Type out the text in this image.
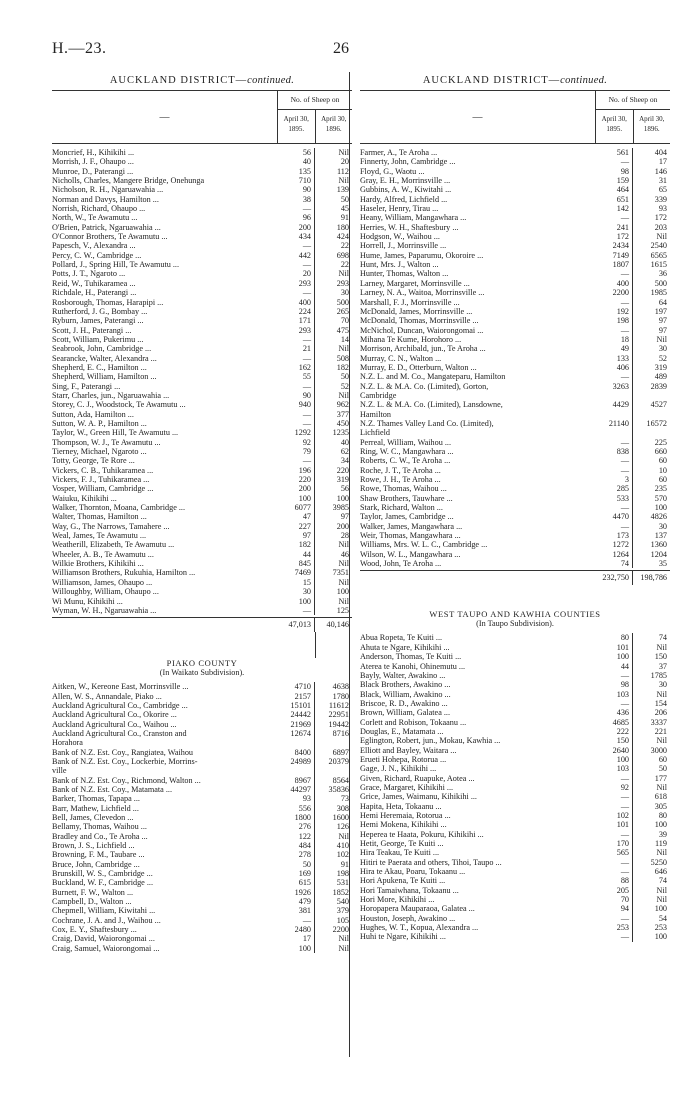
H.—23.	26
AUCKLAND DISTRICT—continued.
—
No. of Sheep on
April 30, 1895.
April 30, 1896.
Moncrief, H., Kihikihi ...	56	Nil
Morrish, J. F., Ohaupo ...	40	20
Munroe, D., Paterangi ...	135	112
Nicholls, Charles, Mangere Bridge, Onehunga	710	Nil
Nicholson, R. H., Ngaruawahia ...	90	139
Norman and Davys, Hamilton ...	38	50
Norrish, Richard, Ohaupo ...	—	45
North, W., Te Awamutu ...	96	91
O'Brien, Patrick, Ngaruawahia ...	200	180
O'Connor Brothers, Te Awamutu ...	434	424
Papesch, V., Alexandra ...	—	22
Percy, C. W., Cambridge ...	442	698
Pollard, J., Spring Hill, Te Awamutu ...	—	22
Potts, J. T., Ngaroto ...	20	Nil
Reid, W., Tuhikaramea ...	293	293
Richdale, H., Paterangi ...	—	30
Rosborough, Thomas, Harapipi ...	400	500
Rutherford, J. G., Bombay ...	224	265
Ryburn, James, Paterangi ...	171	70
Scott, J. H., Paterangi ...	293	475
Scott, William, Pukerimu ...	—	14
Seabrook, John, Cambridge ...	21	Nil
Searancke, Walter, Alexandra ...	—	508
Shepherd, E. C., Hamilton ...	162	182
Shepherd, William, Hamilton ...	55	50
Sing, F., Paterangi ...	—	52
Starr, Charles, jun., Ngaruawahia ...	90	Nil
Storey, C. J., Woodstock, Te Awamutu ...	940	962
Sutton, Ada, Hamilton ...	—	377
Sutton, W. A. P., Hamilton ...	—	450
Taylor, W., Green Hill, Te Awamutu ...	1292	1235
Thompson, W. J., Te Awamutu ...	92	40
Tierney, Michael, Ngaroto ...	79	62
Totty, George, Te Rore ...	—	34
Vickers, C. B., Tuhikaramea ...	196	220
Vickers, F. J., Tuhikaramea ...	220	319
Vosper, William, Cambridge ...	200	56
Waiuku, Kihikihi ...	100	100
Walker, Thornton, Moana, Cambridge ...	6077	3985
Walter, Thomas, Hamilton ...	47	97
Way, G., The Narrows, Tamahere ...	227	200
Weal, James, Te Awamutu ...	97	28
Weatherill, Elizabeth, Te Awamutu ...	182	Nil
Wheeler, A. B., Te Awamutu ...	44	46
Wilkie Brothers, Kihikihi ...	845	Nil
Williamson Brothers, Rukuhia, Hamilton ...	7469	7351
Williamson, James, Ohaupo ...	15	Nil
Willoughby, William, Ohaupo ...	30	100
Wi Munu, Kihikihi ...	100	Nil
Wyman, W. H., Ngaruawahia ...	—	125
47,013	40,146
PIAKO COUNTY
(In Waikato Subdivision).
Aitken, W., Kereone East, Morrinsville ...	4710	4638
Allen, W. S., Annandale, Piako ...	2157	1780
Auckland Agricultural Co., Cambridge ...	15101	11612
Auckland Agricultural Co., Okorire ...	24442	22951
Auckland Agricultural Co., Waihou ...	21969	19442
Auckland Agricultural Co., Cranston and	12674	8716
Horahora
Bank of N.Z. Est. Coy., Rangiatea, Waihou	8400	6897
Bank of N.Z. Est. Coy., Lockerbie, Morrins-	24989	20379
ville
Bank of N.Z. Est. Coy., Richmond, Walton ...	8967	8564
Bank of N.Z. Est. Coy., Matamata ...	44297	35836
Barker, Thomas, Tapapa ...	93	73
Barr, Mathew, Lichfield ...	556	308
Bell, James, Clevedon ...	1800	1600
Bellamy, Thomas, Waihou ...	276	126
Bradley and Co., Te Aroha ...	122	Nil
Brown, J. S., Lichfield ...	484	410
Browning, F. M., Taubare ...	278	102
Bruce, John, Cambridge ...	50	91
Brunskill, W. S., Cambridge ...	169	198
Buckland, W. F., Cambridge ...	615	531
Burnett, F. W., Walton ...	1926	1852
Campbell, D., Walton ...	479	540
Chepmell, William, Kiwitahi ...	381	379
Cochrane, J. A. and J., Waihou ...	—	105
Cox, E. Y., Shaftesbury ...	2480	2200
Craig, David, Waiorongomai ...	17	Nil
Craig, Samuel, Waiorongomai ...	100	Nil
AUCKLAND DISTRICT—continued.
—
No. of Sheep on
April 30, 1895.
April 30, 1896.
Farmer, A., Te Aroha ...	561	404
Finnerty, John, Cambridge ...	—	17
Floyd, G., Waotu ...	98	146
Gray, E. H., Morrinsville ...	159	31
Gubbins, A. W., Kiwitahi ...	464	65
Hardy, Alfred, Lichfield ...	651	339
Haseler, Henry, Tirau ...	142	93
Heany, William, Mangawhara ...	—	172
Herries, W. H., Shaftesbury ...	241	203
Hodgson, W., Waihou ...	172	Nil
Horrell, J., Morrinsville ...	2434	2540
Hume, James, Paparumu, Okoroire ...	7149	6565
Hunt, Mrs. J., Walton ...	1807	1615
Hunter, Thomas, Walton ...	—	36
Larney, Margaret, Morrinsville ...	400	500
Larney, N. A., Waitoa, Morrinsville ...	2200	1985
Marshall, F. J., Morrinsville ...	—	64
McDonald, James, Morrinsville ...	192	197
McDonald, Thomas, Morrinsville ...	198	97
McNichol, Duncan, Waiorongomai ...	—	97
Mihana Te Kume, Horohoro ...	18	Nil
Morrison, Archibald, jun., Te Aroha ...	49	30
Murray, C. N., Walton ...	133	52
Murray, E. D., Otterburn, Walton ...	406	319
N.Z. L. and M. Co., Mangateparu, Hamilton	—	489
N.Z. L. & M.A. Co. (Limited), Gorton,	3263	2839
Cambridge
N.Z. L. & M.A. Co. (Limited), Lansdowne,	4429	4527
Hamilton
N.Z. Thames Valley Land Co. (Limited),	21140	16572
Lichfield
Perreal, William, Waihou ...	—	225
Ring, W. C., Mangawhara ...	838	660
Roberts, C. W., Te Aroha ...	—	60
Roche, J. T., Te Aroha ...	—	10
Rowe, J. H., Te Aroha ...	3	60
Rowe, Thomas, Waihou ...	285	235
Shaw Brothers, Tauwhare ...	533	570
Stark, Richard, Walton ...	—	100
Taylor, James, Cambridge ...	4470	4826
Walker, James, Mangawhara ...	—	30
Weir, Thomas, Mangawhara ...	173	137
Williams, Mrs. W. L. C., Cambridge ...	1272	1360
Wilson, W. L., Mangawhara ...	1264	1204
Wood, John, Te Aroha ...	74	35
232,750	198,786
WEST TAUPO AND KAWHIA COUNTIES
(In Taupo Subdivision).
Abua Ropeta, Te Kuiti ...	80	74
Ahuta te Ngare, Kihikihi ...	101	Nil
Anderson, Thomas, Te Kuiti ...	100	150
Aterea te Kanohi, Ohinemutu ...	44	37
Bayly, Walter, Awakino ...	—	1785
Black Brothers, Awakino ...	98	30
Black, William, Awakino ...	103	Nil
Briscoe, R. D., Awakino ...	—	154
Brown, William, Galatea ...	436	206
Corlett and Robison, Tokaanu ...	4685	3337
Douglas, E., Matamata ...	222	221
Eglington, Robert, jun., Mokau, Kawhia ...	150	Nil
Elliott and Bayley, Waitara ...	2640	3000
Erueti Hohepa, Rotorua ...	100	60
Gage, J. N., Kihikihi ...	103	50
Given, Richard, Ruapuke, Aotea ...	—	177
Grace, Margaret, Kihikihi ...	92	Nil
Grice, James, Waimanu, Kihikihi ...	—	618
Hapita, Heta, Tokaanu ...	—	305
Hemi Heremaia, Rotorua ...	102	80
Hemi Mokena, Kihikihi ...	101	100
Heperea te Haata, Pokuru, Kihikihi ...	—	39
Hetit, George, Te Kuiti ...	170	119
Hira Teakau, Te Kuiti ...	565	Nil
Hitiri te Paerata and others, Tihoi, Taupo ...	—	5250
Hira te Akau, Poaru, Tokaanu ...	—	646
Hori Apukena, Te Kuiti ...	88	74
Hori Tamaiwhana, Tokaanu ...	205	Nil
Hori More, Kihikihi ...	70	Nil
Horopapera Mauparaoa, Galatea ...	94	100
Houston, Joseph, Awakino ...	—	54
Hughes, W. T., Kopua, Alexandra ...	253	253
Huhi te Ngare, Kihikihi ...	—	100
